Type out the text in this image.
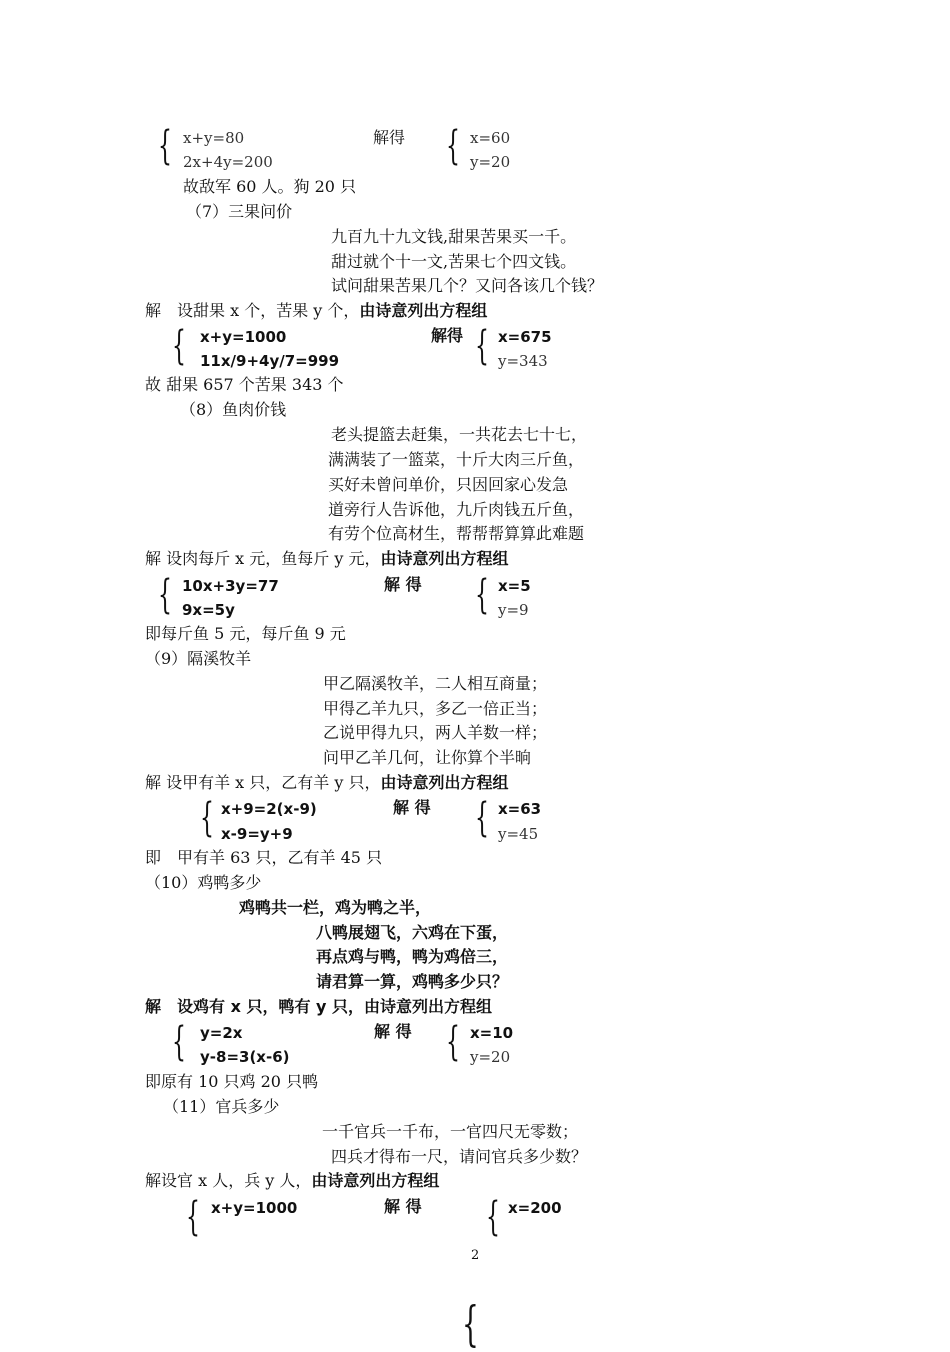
{ x+y=80
2x+4y=200
解得 { x=60
y=20
故敌军 60 人。狗 20 只
（7）三果问价
九百九十九文钱,甜果苦果买一千。
甜过就个十一文,苦果七个四文钱。
试问甜果苦果几个？又问各该几个钱？
解　设甜果 x 个，苦果 y 个，由诗意列出方程组
{ x+y=1000
11x/9+4y/7=999
解得 { x=675
y=343
故 甜果 657 个苦果 343 个
（8）鱼肉价钱
老头提篮去赶集，一共花去七十七，
满满装了一篮菜，十斤大肉三斤鱼，
买好未曾问单价，只因回家心发急
道旁行人告诉他，九斤肉钱五斤鱼，
有劳个位高材生，帮帮帮算算此难题
解 设肉每斤 x 元，鱼每斤 y 元，由诗意列出方程组
{ 10x+3y=77
9x=5y
解 得 { x=5
y=9
即每斤鱼 5 元，每斤鱼 9 元
（9）隔溪牧羊
甲乙隔溪牧羊，二人相互商量；
甲得乙羊九只，多乙一倍正当；
乙说甲得九只，两人羊数一样；
问甲乙羊几何，让你算个半晌
解 设甲有羊 x 只，乙有羊 y 只，由诗意列出方程组
{ x+9=2(x-9)
x-9=y+9
解 得 { x=63
y=45
即　甲有羊 63 只，乙有羊 45 只
（10）鸡鸭多少
鸡鸭共一栏，鸡为鸭之半，
八鸭展翅飞，六鸡在下蛋，
再点鸡与鸭，鸭为鸡倍三，
请君算一算，鸡鸭多少只？
解　设鸡有 x 只，鸭有 y 只，由诗意列出方程组
{ y=2x
y-8=3(x-6)
解 得 { x=10
y=20
即原有 10 只鸡 20 只鸭
（11）官兵多少
一千官兵一千布，一官四尺无零数；
四兵才得布一尺，请问官兵多少数？
解设官 x 人，兵 y 人，由诗意列出方程组
{ x+y=1000	解 得 { x=200
2
{
